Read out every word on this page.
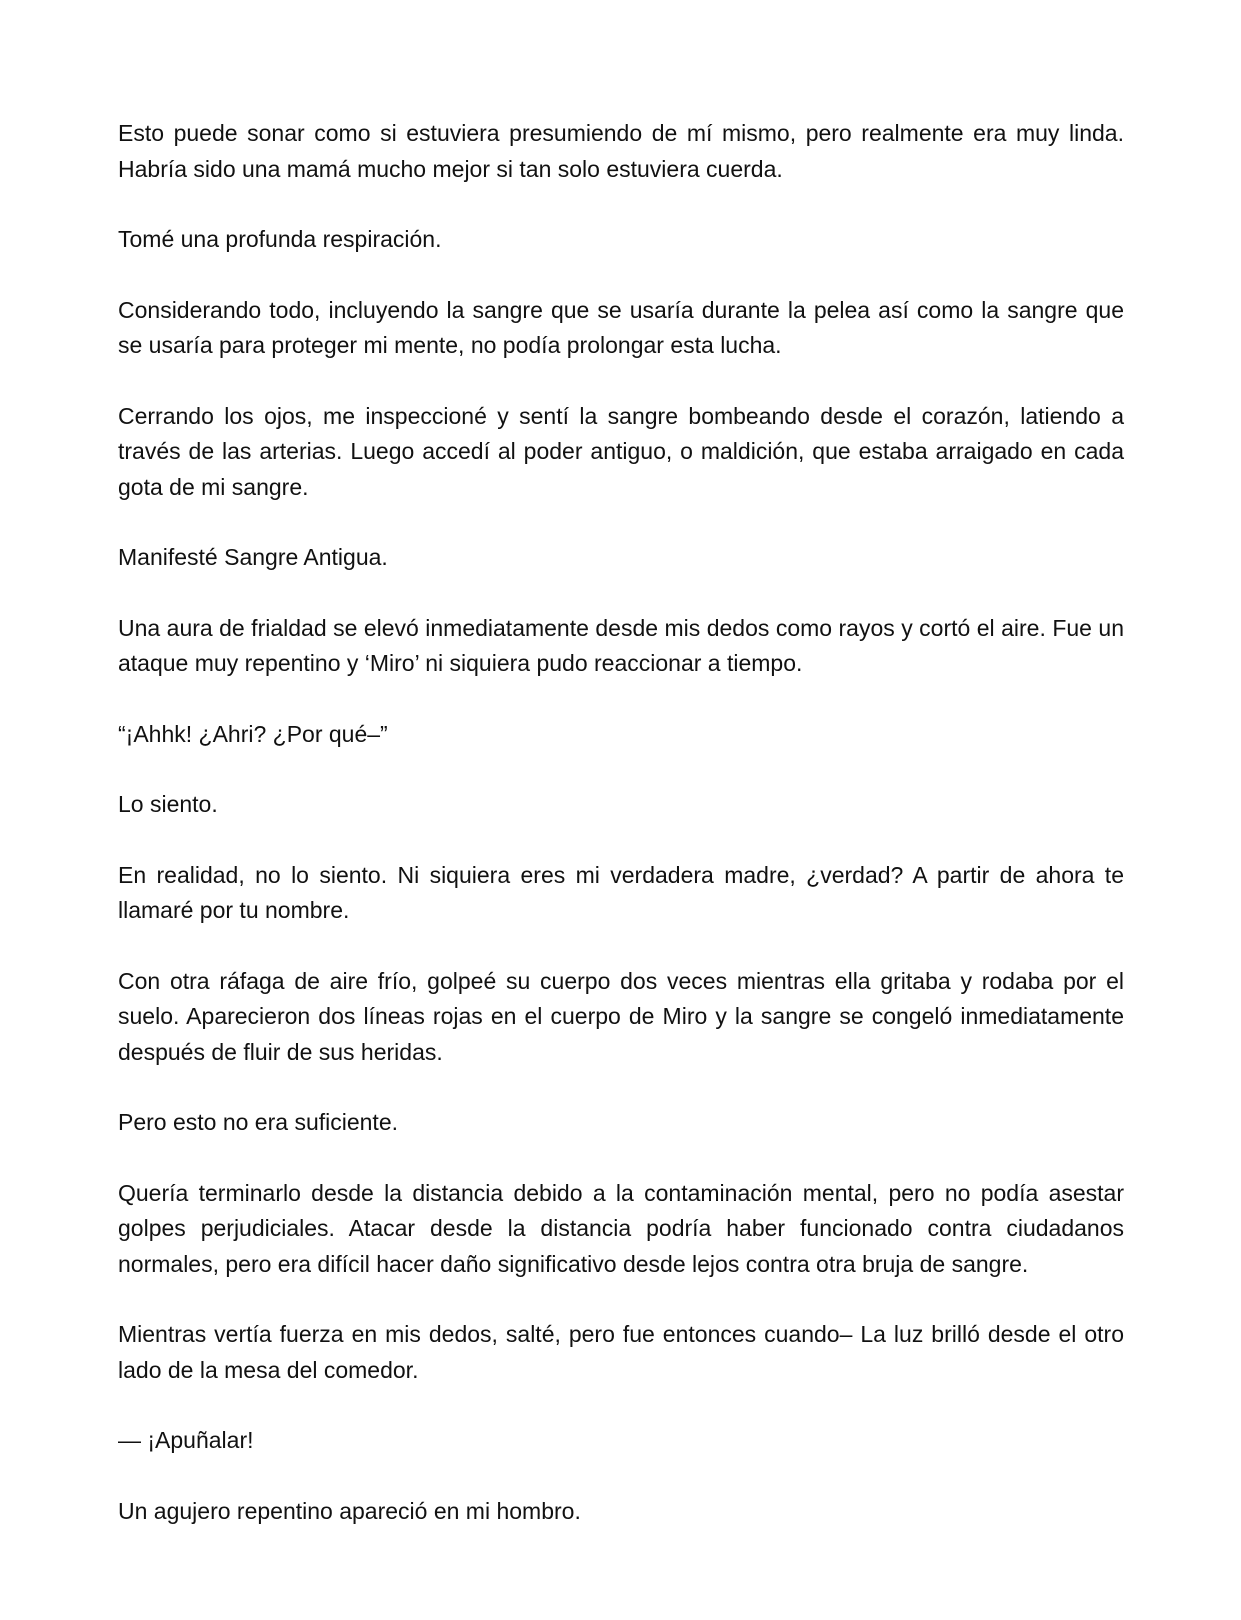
Esto puede sonar como si estuviera presumiendo de mí mismo, pero realmente era muy linda. Habría sido una mamá mucho mejor si tan solo estuviera cuerda.

Tomé una profunda respiración.

Considerando todo, incluyendo la sangre que se usaría durante la pelea así como la sangre que se usaría para proteger mi mente, no podía prolongar esta lucha.

Cerrando los ojos, me inspeccioné y sentí la sangre bombeando desde el corazón, latiendo a través de las arterias. Luego accedí al poder antiguo, o maldición, que estaba arraigado en cada gota de mi sangre.

Manifesté Sangre Antigua.

Una aura de frialdad se elevó inmediatamente desde mis dedos como rayos y cortó el aire. Fue un ataque muy repentino y ‘Miro’ ni siquiera pudo reaccionar a tiempo.

“¡Ahhk! ¿Ahri? ¿Por qué–”

Lo siento.

En realidad, no lo siento. Ni siquiera eres mi verdadera madre, ¿verdad? A partir de ahora te llamaré por tu nombre.

Con otra ráfaga de aire frío, golpeé su cuerpo dos veces mientras ella gritaba y rodaba por el suelo. Aparecieron dos líneas rojas en el cuerpo de Miro y la sangre se congeló inmediatamente después de fluir de sus heridas.

Pero esto no era suficiente.

Quería terminarlo desde la distancia debido a la contaminación mental, pero no podía asestar golpes perjudiciales. Atacar desde la distancia podría haber funcionado contra ciudadanos normales, pero era difícil hacer daño significativo desde lejos contra otra bruja de sangre.

Mientras vertía fuerza en mis dedos, salté, pero fue entonces cuando– La luz brilló desde el otro lado de la mesa del comedor.

— ¡Apuñalar!

Un agujero repentino apareció en mi hombro.
